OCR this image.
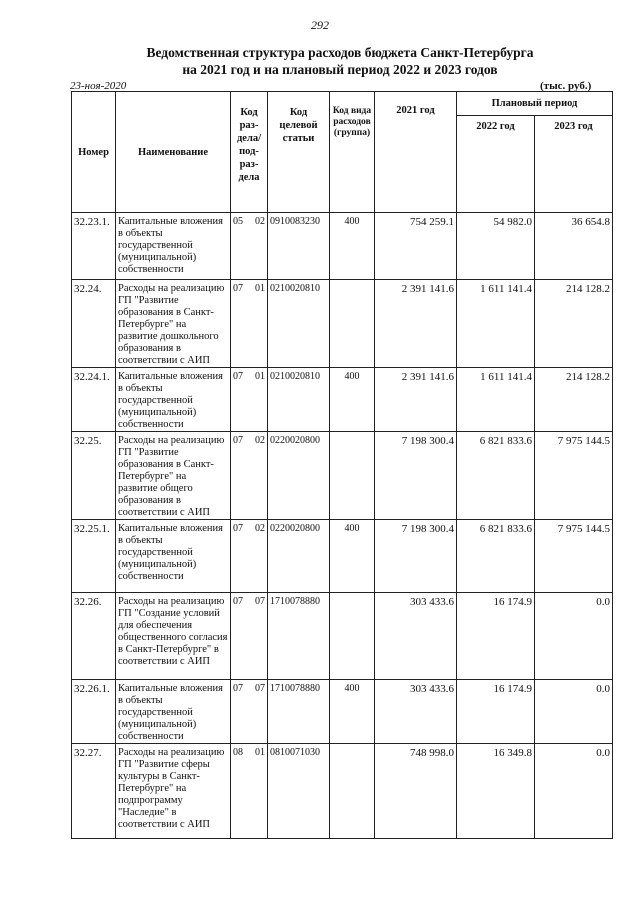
292
Ведомственная структура расходов бюджета Санкт-Петербурга
на 2021 год и на плановый период 2022 и 2023 годов
23-ноя-2020	(тыс. руб.)
Номер	Наименование	Код раз- дела/ под- раз- дела	Код целевой статьи	Код вида расходов (группа)	2021 год	Плановый период	
						2022 год	2023 год
32.23.1.	Капитальные вложения в объекты государственной (муниципальной) собственности	05 02	0910083230	400	754 259.1	54 982.0	36 654.8
32.24.	Расходы на реализацию ГП "Развитие образования в Санкт-Петербурге" на развитие дошкольного образования в соответствии с АИП	07 01	0210020810		2 391 141.6	1 611 141.4	214 128.2
32.24.1.	Капитальные вложения в объекты государственной (муниципальной) собственности	07 01	0210020810	400	2 391 141.6	1 611 141.4	214 128.2
32.25.	Расходы на реализацию ГП "Развитие образования в Санкт-Петербурге" на развитие общего образования в соответствии с АИП	07 02	0220020800		7 198 300.4	6 821 833.6	7 975 144.5
32.25.1.	Капитальные вложения в объекты государственной (муниципальной) собственности	07 02	0220020800	400	7 198 300.4	6 821 833.6	7 975 144.5
32.26.	Расходы на реализацию ГП "Создание условий для обеспечения общественного согласия в Санкт-Петербурге" в соответствии с АИП	07 07	1710078880		303 433.6	16 174.9	0.0
32.26.1.	Капитальные вложения в объекты государственной (муниципальной) собственности	07 07	1710078880	400	303 433.6	16 174.9	0.0
32.27.	Расходы на реализацию ГП "Развитие сферы культуры в Санкт-Петербурге" на подпрограмму "Наследие" в соответствии с АИП	08 01	0810071030		748 998.0	16 349.8	0.0
